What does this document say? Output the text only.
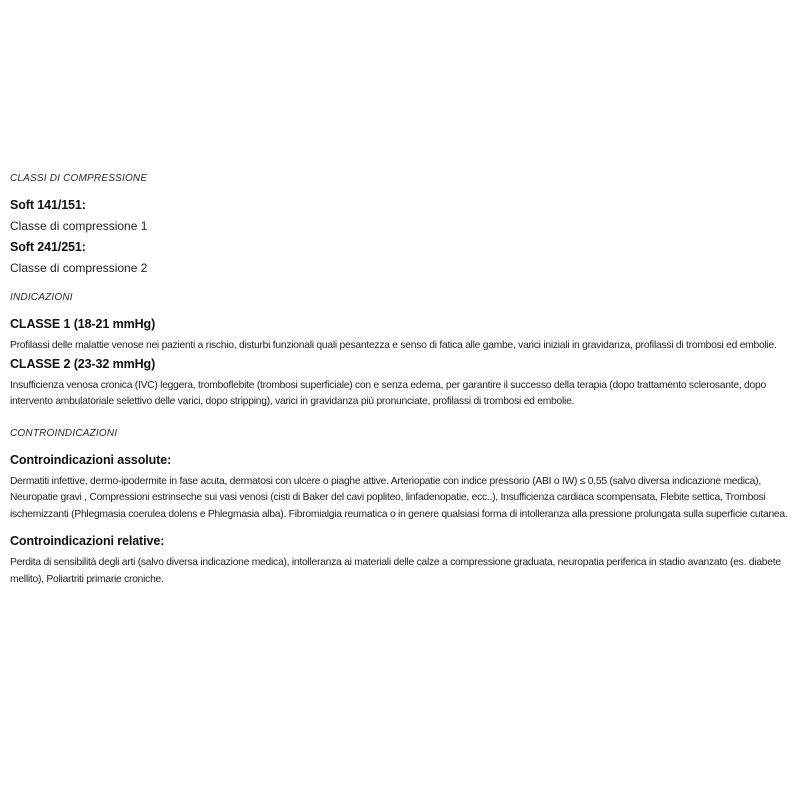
CLASSI DI COMPRESSIONE

Soft 141/151:

Classe di compressione 1

Soft 241/251:

Classe di compressione 2

INDICAZIONI

CLASSE 1 (18-21 mmHg)

Profilassi delle malattie venose nei pazienti a rischio, disturbi funzionali quali pesantezza e senso di fatica alle gambe, varici iniziali in gravidanza, profilassi di trombosi ed embolie.

CLASSE 2 (23-32 mmHg)

Insufficienza venosa cronica (IVC) leggera, tromboflebite (trombosi superficiale) con e senza edema, per garantire il successo della terapia (dopo trattamento sclerosante, dopo intervento ambulatoriale selettivo delle varici, dopo stripping), varici in gravidanza più pronunciate, profilassi di trombosi ed embolie.

CONTROINDICAZIONI

Controindicazioni assolute:

Dermatiti infettive, dermo-ipodermite in fase acuta, dermatosi con ulcere o piaghe attive. Arteriopatie con indice pressorio (ABI o IW) ≤ 0,55 (salvo diversa indicazione medica), Neuropatie gravi , Compressioni estrinseche sui vasi venosi (cisti di Baker del cavi popliteo, linfadenopatie, ecc..), Insufficienza cardiaca scompensata, Flebite settica, Trombosi ischemizzanti (Phlegmasia coerulea dolens e Phlegmasia alba). Fibromialgia reumatica o in genere qualsiasi forma di intolleranza alla pressione prolungata sulla superficie cutanea.

Controindicazioni relative:

Perdita di sensibilità degli arti (salvo diversa indicazione medica), intolleranza ai materiali delle calze a compressione graduata, neuropatia periferica in stadio avanzato (es. diabete mellito), Poliartriti primarie croniche.
